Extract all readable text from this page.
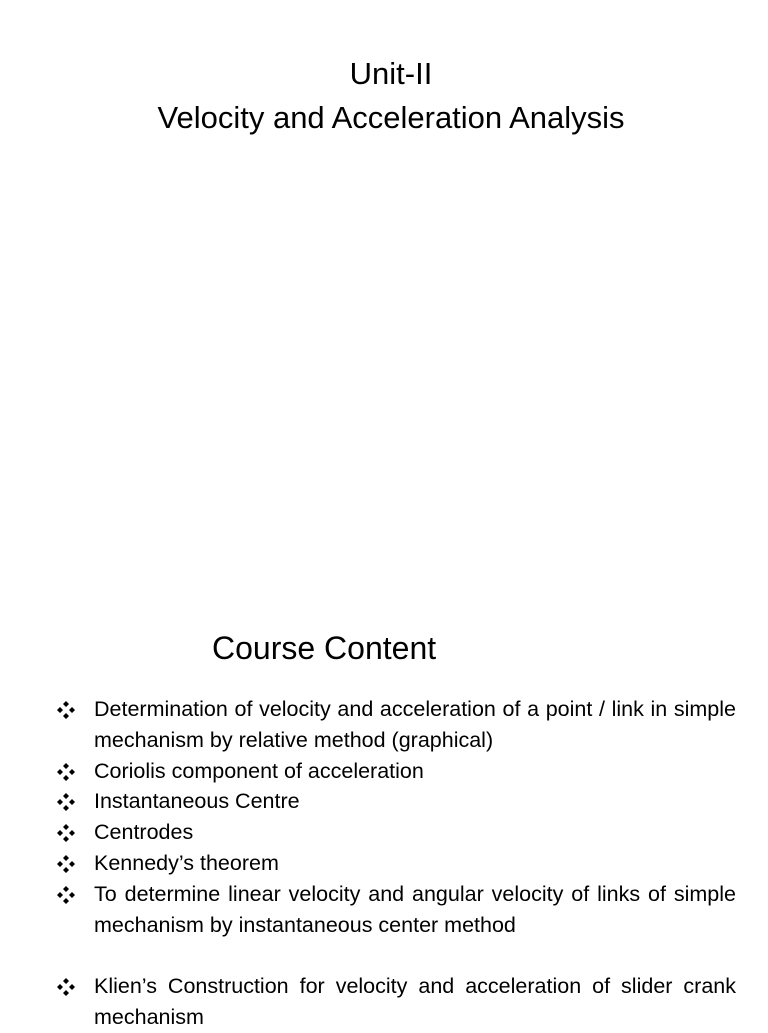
Unit-II
Velocity and Acceleration Analysis
Course Content
Determination of velocity and acceleration of a point / link in simple mechanism by relative method (graphical)
Coriolis component of acceleration
Instantaneous Centre
Centrodes
Kennedy’s theorem
To determine linear velocity and angular velocity of links of simple mechanism by instantaneous center method
Klien’s Construction for velocity and acceleration of slider crank mechanism
